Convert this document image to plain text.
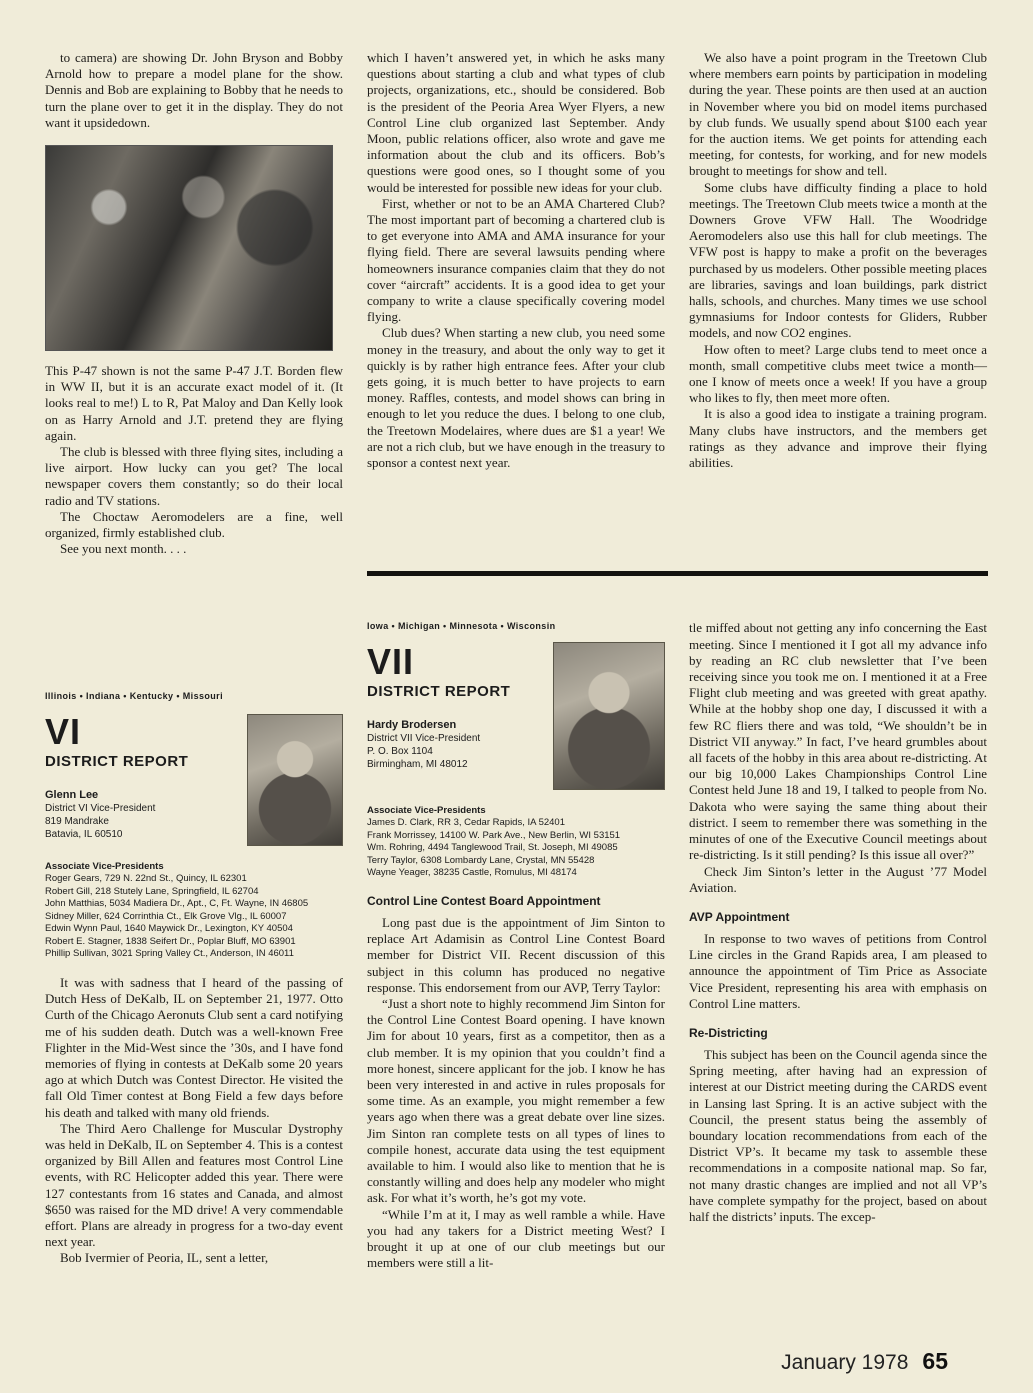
to camera) are showing Dr. John Bryson and Bobby Arnold how to prepare a model plane for the show. Dennis and Bob are explaining to Bobby that he needs to turn the plane over to get it in the display. They do not want it upsidedown.

This P-47 shown is not the same P-47 J.T. Borden flew in WW II, but it is an accurate exact model of it. (It looks real to me!) L to R, Pat Maloy and Dan Kelly look on as Harry Arnold and J.T. pretend they are flying again.

The club is blessed with three flying sites, including a live airport. How lucky can you get? The local newspaper covers them constantly; so do their local radio and TV stations.

The Choctaw Aeromodelers are a fine, well organized, firmly established club.

See you next month. . . .

which I haven’t answered yet, in which he asks many questions about starting a club and what types of club projects, organizations, etc., should be considered. Bob is the president of the Peoria Area Wyer Flyers, a new Control Line club organized last September. Andy Moon, public relations officer, also wrote and gave me information about the club and its officers. Bob’s questions were good ones, so I thought some of you would be interested for possible new ideas for your club.

First, whether or not to be an AMA Chartered Club? The most important part of becoming a chartered club is to get everyone into AMA and AMA insurance for your flying field. There are several lawsuits pending where homeowners insurance companies claim that they do not cover “aircraft” accidents. It is a good idea to get your company to write a clause specifically covering model flying.

Club dues? When starting a new club, you need some money in the treasury, and about the only way to get it quickly is by rather high entrance fees. After your club gets going, it is much better to have projects to earn money. Raffles, contests, and model shows can bring in enough to let you reduce the dues. I belong to one club, the Treetown Modelaires, where dues are $1 a year! We are not a rich club, but we have enough in the treasury to sponsor a contest next year.

We also have a point program in the Treetown Club where members earn points by participation in modeling during the year. These points are then used at an auction in November where you bid on model items purchased by club funds. We usually spend about $100 each year for the auction items. We get points for attending each meeting, for contests, for working, and for new models brought to meetings for show and tell.

Some clubs have difficulty finding a place to hold meetings. The Treetown Club meets twice a month at the Downers Grove VFW Hall. The Woodridge Aeromodelers also use this hall for club meetings. The VFW post is happy to make a profit on the beverages purchased by us modelers. Other possible meeting places are libraries, savings and loan buildings, park district halls, schools, and churches. Many times we use school gymnasiums for Indoor contests for Gliders, Rubber models, and now CO2 engines.

How often to meet? Large clubs tend to meet once a month, small competitive clubs meet twice a month—one I know of meets once a week! If you have a group who likes to fly, then meet more often.

It is also a good idea to instigate a training program. Many clubs have instructors, and the members get ratings as they advance and improve their flying abilities.

Illinois • Indiana • Kentucky • Missouri
VI
DISTRICT REPORT
Glenn Lee
District VI Vice-President
819 Mandrake
Batavia, IL 60510
Associate Vice-Presidents
Roger Gears, 729 N. 22nd St., Quincy, IL 62301
Robert Gill, 218 Stutely Lane, Springfield, IL 62704
John Matthias, 5034 Madiera Dr., Apt., C, Ft. Wayne, IN 46805
Sidney Miller, 624 Corrinthia Ct., Elk Grove Vlg., IL 60007
Edwin Wynn Paul, 1640 Maywick Dr., Lexington, KY 40504
Robert E. Stagner, 1838 Seifert Dr., Poplar Bluff, MO 63901
Phillip Sullivan, 3021 Spring Valley Ct., Anderson, IN 46011

It was with sadness that I heard of the passing of Dutch Hess of DeKalb, IL on September 21, 1977. Otto Curth of the Chicago Aeronuts Club sent a card notifying me of his sudden death. Dutch was a well-known Free Flighter in the Mid-West since the ’30s, and I have fond memories of flying in contests at DeKalb some 20 years ago at which Dutch was Contest Director. He visited the fall Old Timer contest at Bong Field a few days before his death and talked with many old friends.

The Third Aero Challenge for Muscular Dystrophy was held in DeKalb, IL on September 4. This is a contest organized by Bill Allen and features most Control Line events, with RC Helicopter added this year. There were 127 contestants from 16 states and Canada, and almost $650 was raised for the MD drive! A very commendable effort. Plans are already in progress for a two-day event next year.

Bob Ivermier of Peoria, IL, sent a letter,

Iowa • Michigan • Minnesota • Wisconsin
VII
DISTRICT REPORT
Hardy Brodersen
District VII Vice-President
P. O. Box 1104
Birmingham, MI 48012
Associate Vice-Presidents
James D. Clark, RR 3, Cedar Rapids, IA 52401
Frank Morrissey, 14100 W. Park Ave., New Berlin, WI 53151
Wm. Rohring, 4494 Tanglewood Trail, St. Joseph, MI 49085
Terry Taylor, 6308 Lombardy Lane, Crystal, MN 55428
Wayne Yeager, 38235 Castle, Romulus, MI 48174
Control Line Contest Board Appointment

Long past due is the appointment of Jim Sinton to replace Art Adamisin as Control Line Contest Board member for District VII. Recent discussion of this subject in this column has produced no negative response. This endorsement from our AVP, Terry Taylor:

“Just a short note to highly recommend Jim Sinton for the Control Line Contest Board opening. I have known Jim for about 10 years, first as a competitor, then as a club member. It is my opinion that you couldn’t find a more honest, sincere applicant for the job. I know he has been very interested in and active in rules proposals for some time. As an example, you might remember a few years ago when there was a great debate over line sizes. Jim Sinton ran complete tests on all types of lines to compile honest, accurate data using the test equipment available to him. I would also like to mention that he is constantly willing and does help any modeler who might ask. For what it’s worth, he’s got my vote.

“While I’m at it, I may as well ramble a while. Have you had any takers for a District meeting West? I brought it up at one of our club meetings but our members were still a lit-

tle miffed about not getting any info concerning the East meeting. Since I mentioned it I got all my advance info by reading an RC club newsletter that I’ve been receiving since you took me on. I mentioned it at a Free Flight club meeting and was greeted with great apathy. While at the hobby shop one day, I discussed it with a few RC fliers there and was told, “We shouldn’t be in District VII anyway.” In fact, I’ve heard grumbles about all facets of the hobby in this area about re-districting. At our big 10,000 Lakes Championships Control Line Contest held June 18 and 19, I talked to people from No. Dakota who were saying the same thing about their district. I seem to remember there was something in the minutes of one of the Executive Council meetings about re-districting. Is it still pending? Is this issue all over?”

Check Jim Sinton’s letter in the August ’77 Model Aviation.

AVP Appointment

In response to two waves of petitions from Control Line circles in the Grand Rapids area, I am pleased to announce the appointment of Tim Price as Associate Vice President, representing his area with emphasis on Control Line matters.

Re-Districting

This subject has been on the Council agenda since the Spring meeting, after having had an expression of interest at our District meeting during the CARDS event in Lansing last Spring. It is an active subject with the Council, the present status being the assembly of boundary location recommendations from each of the District VP’s. It became my task to assemble these recommendations in a composite national map. So far, not many drastic changes are implied and not all VP’s have complete sympathy for the project, based on about half the districts’ inputs. The excep-

January 1978 65
